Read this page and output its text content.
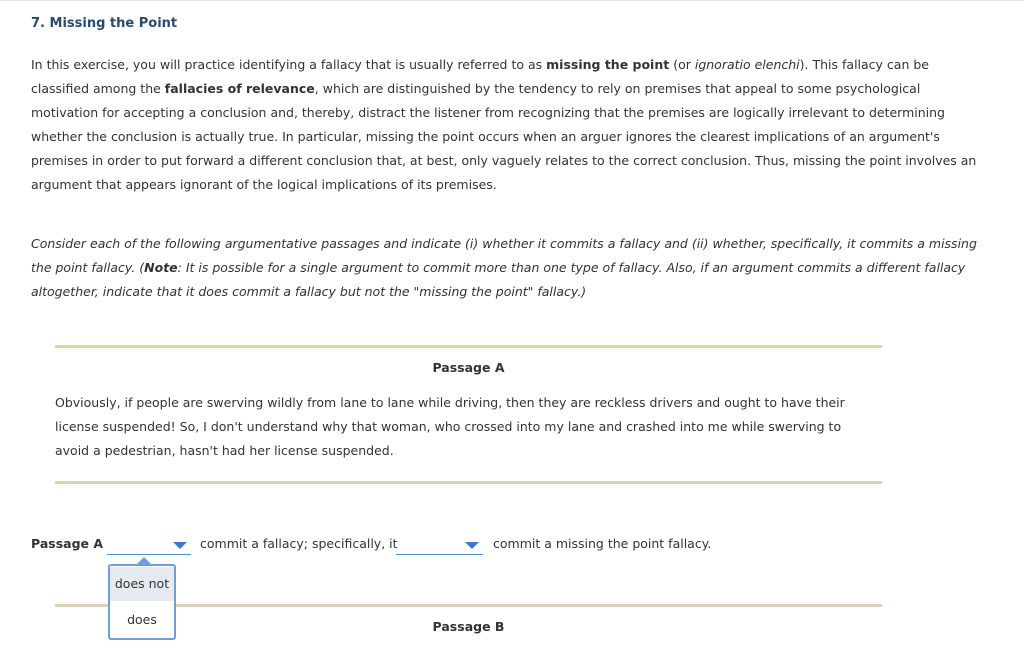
7. Missing the Point
In this exercise, you will practice identifying a fallacy that is usually referred to as missing the point (or ignoratio elenchi). This fallacy can be classified among the fallacies of relevance, which are distinguished by the tendency to rely on premises that appeal to some psychological motivation for accepting a conclusion and, thereby, distract the listener from recognizing that the premises are logically irrelevant to determining whether the conclusion is actually true. In particular, missing the point occurs when an arguer ignores the clearest implications of an argument's premises in order to put forward a different conclusion that, at best, only vaguely relates to the correct conclusion. Thus, missing the point involves an argument that appears ignorant of the logical implications of its premises.
Consider each of the following argumentative passages and indicate (i) whether it commits a fallacy and (ii) whether, specifically, it commits a missing the point fallacy. (Note: It is possible for a single argument to commit more than one type of fallacy. Also, if an argument commits a different fallacy altogether, indicate that it does commit a fallacy but not the "missing the point" fallacy.)
Passage A
Obviously, if people are swerving wildly from lane to lane while driving, then they are reckless drivers and ought to have their license suspended! So, I don't understand why that woman, who crossed into my lane and crashed into me while swerving to avoid a pedestrian, hasn't had her license suspended.
Passage A	commit a fallacy; specifically, it	commit a missing the point fallacy.
Passage B
does not
does
